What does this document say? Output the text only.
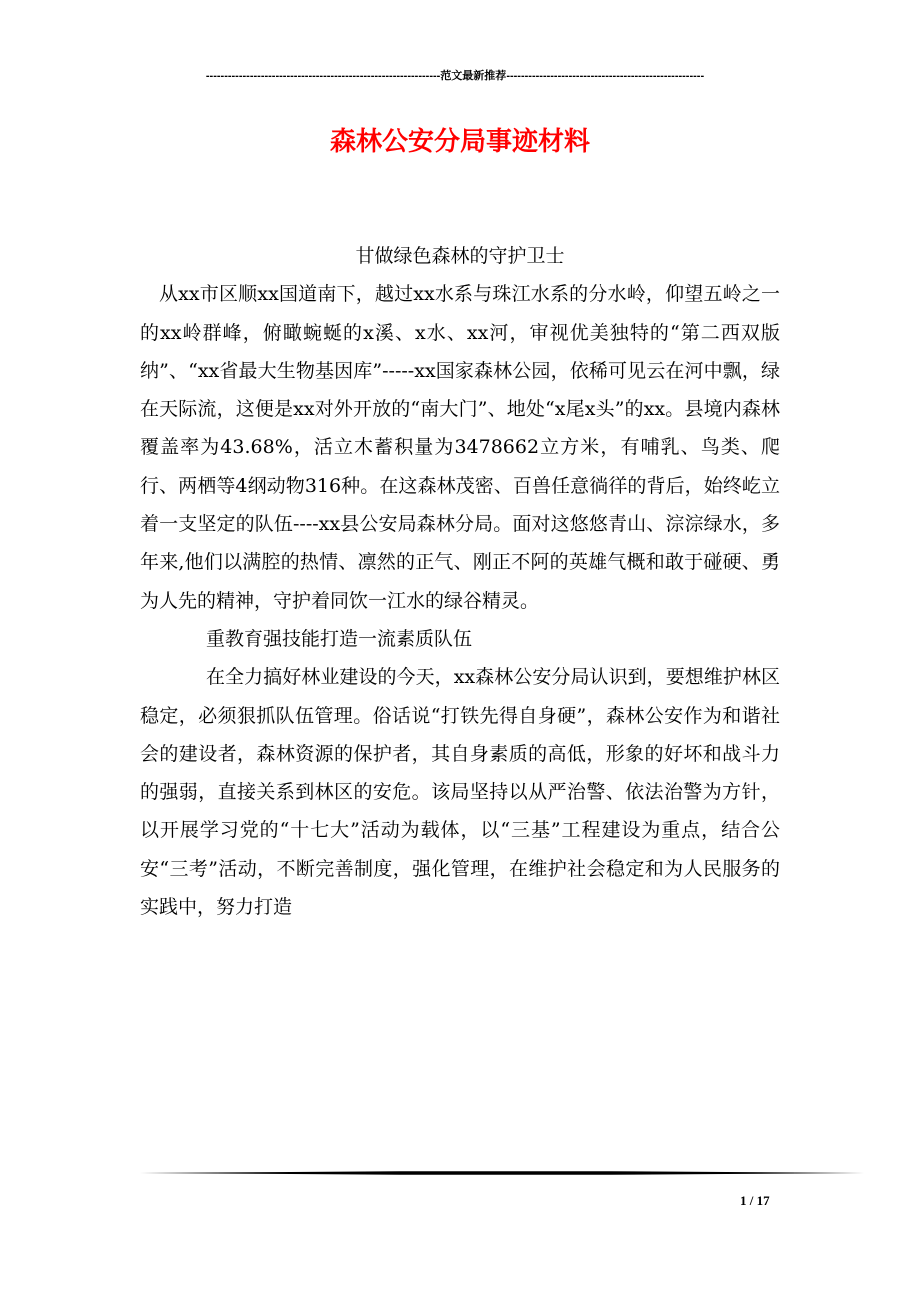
----------------------------------------------------------------范文最新推荐------------------------------------------------------
森林公安分局事迹材料

甘做绿色森林的守护卫士

从xx市区顺xx国道南下，越过xx水系与珠江水系的分水岭，仰望五岭之一的xx岭群峰，俯瞰蜿蜒的x溪、x水、xx河，审视优美独特的“第二西双版纳”、“xx省最大生物基因库”-----xx国家森林公园，依稀可见云在河中飘，绿在天际流，这便是xx对外开放的“南大门”、地处“x尾x头”的xx。县境内森林覆盖率为43.68%，活立木蓄积量为3478662立方米，有哺乳、鸟类、爬行、两栖等4纲动物316种。在这森林茂密、百兽任意徜徉的背后，始终屹立着一支坚定的队伍----xx县公安局森林分局。面对这悠悠青山、淙淙绿水，多年来,他们以满腔的热情、凛然的正气、刚正不阿的英雄气概和敢于碰硬、勇为人先的精神，守护着同饮一江水的绿谷精灵。

重教育强技能打造一流素质队伍

在全力搞好林业建设的今天，xx森林公安分局认识到，要想维护林区稳定，必须狠抓队伍管理。俗话说“打铁先得自身硬”，森林公安作为和谐社会的建设者，森林资源的保护者，其自身素质的高低，形象的好坏和战斗力的强弱，直接关系到林区的安危。该局坚持以从严治警、依法治警为方针，以开展学习党的“十七大”活动为载体，以“三基”工程建设为重点，结合公安“三考”活动，不断完善制度，强化管理，在维护社会稳定和为人民服务的实践中，努力打造

1 / 17
